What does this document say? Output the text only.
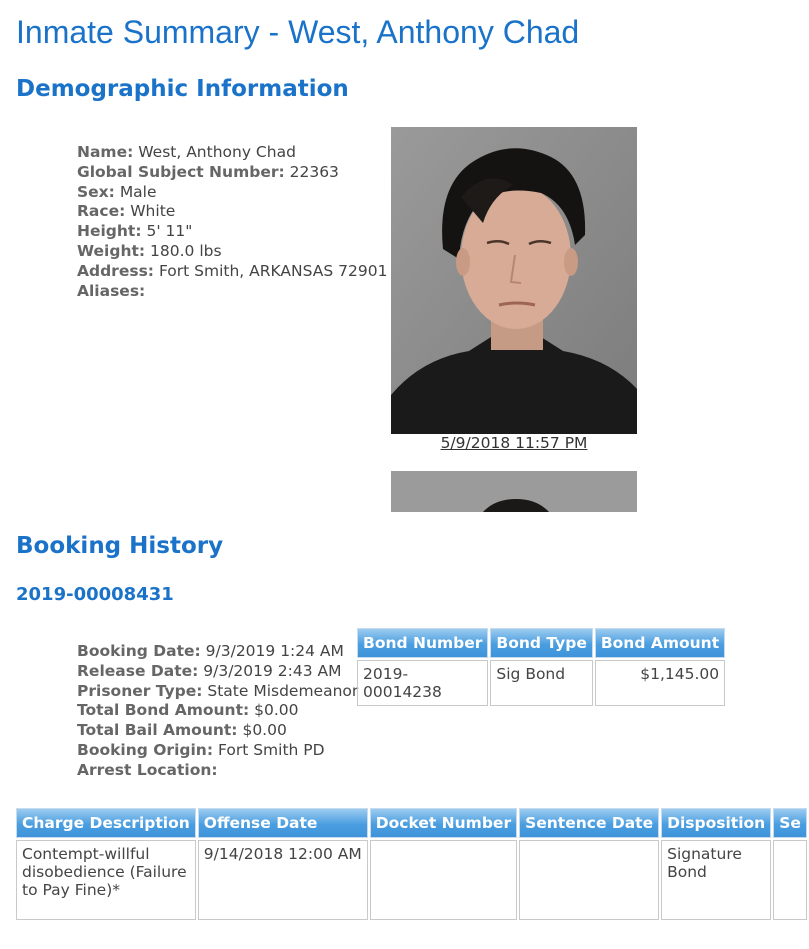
Inmate Summary - West, Anthony Chad
Demographic Information
Name: West, Anthony Chad
Global Subject Number: 22363
Sex: Male
Race: White
Height: 5' 11"
Weight: 180.0 lbs
Address: Fort Smith, ARKANSAS 72901
Aliases:
5/9/2018 11:57 PM
Booking History
2019-00008431
Booking Date: 9/3/2019 1:24 AM
Release Date: 9/3/2019 2:43 AM
Prisoner Type: State Misdemeanor
Total Bond Amount: $0.00
Total Bail Amount: $0.00
Booking Origin: Fort Smith PD
Arrest Location:
Bond Number	Bond Type	Bond Amount
2019-00014238	Sig Bond	$1,145.00
Charge Description	Offense Date	Docket Number	Sentence Date	Disposition	Se
Contempt-willful disobedience (Failure to Pay Fine)*	9/14/2018 12:00 AM			Signature Bond	
